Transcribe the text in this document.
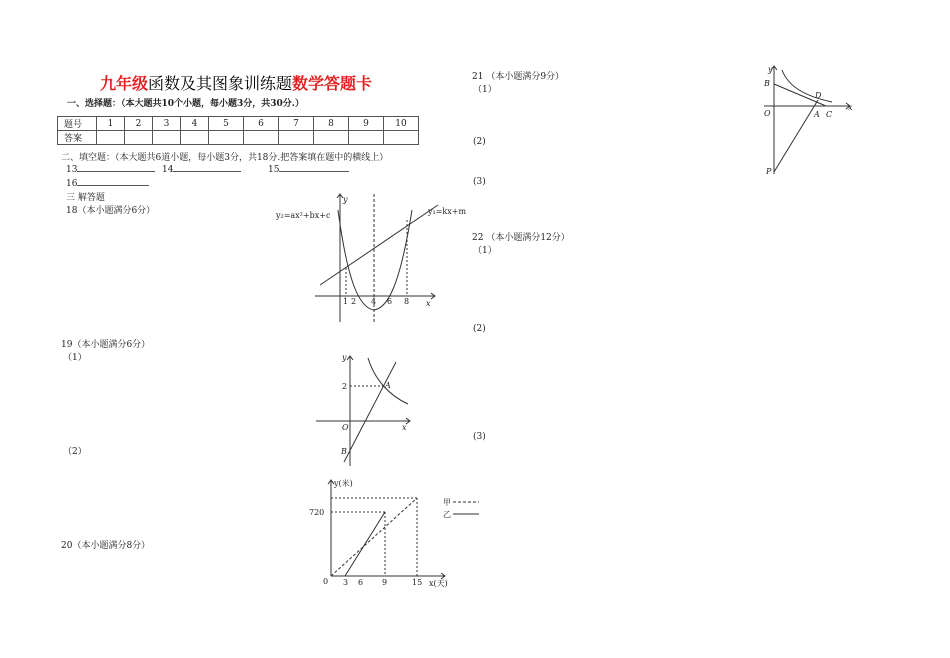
九年级函数及其图象训练题数学答题卡
一、选择题：（本大题共10个小题，每小题3分，共30分.）
题号	1	2	3	4	5	6	7	8	9	10
答案										
二、填空题：（本大题共6道小题，每小题3分，共18分.把答案填在题中的横线上）
13	14	15
16
三 解答题
18（本小题满分6分）
19（本小题满分6分）
（1）
（2）
20（本小题满分8分）
21 （本小题满分9分）
（1）
(2)
(3)
22 （本小题满分12分）
（1）
(2)
(3)
y₂=ax²+bx+c	y₁=kx+m
y
x
1 2 4 6 8
y
x
O
2	A
B
y(米)
x(天)
720
0 3 6 9	15
甲
乙
y
x
B
D
O	A C
P
